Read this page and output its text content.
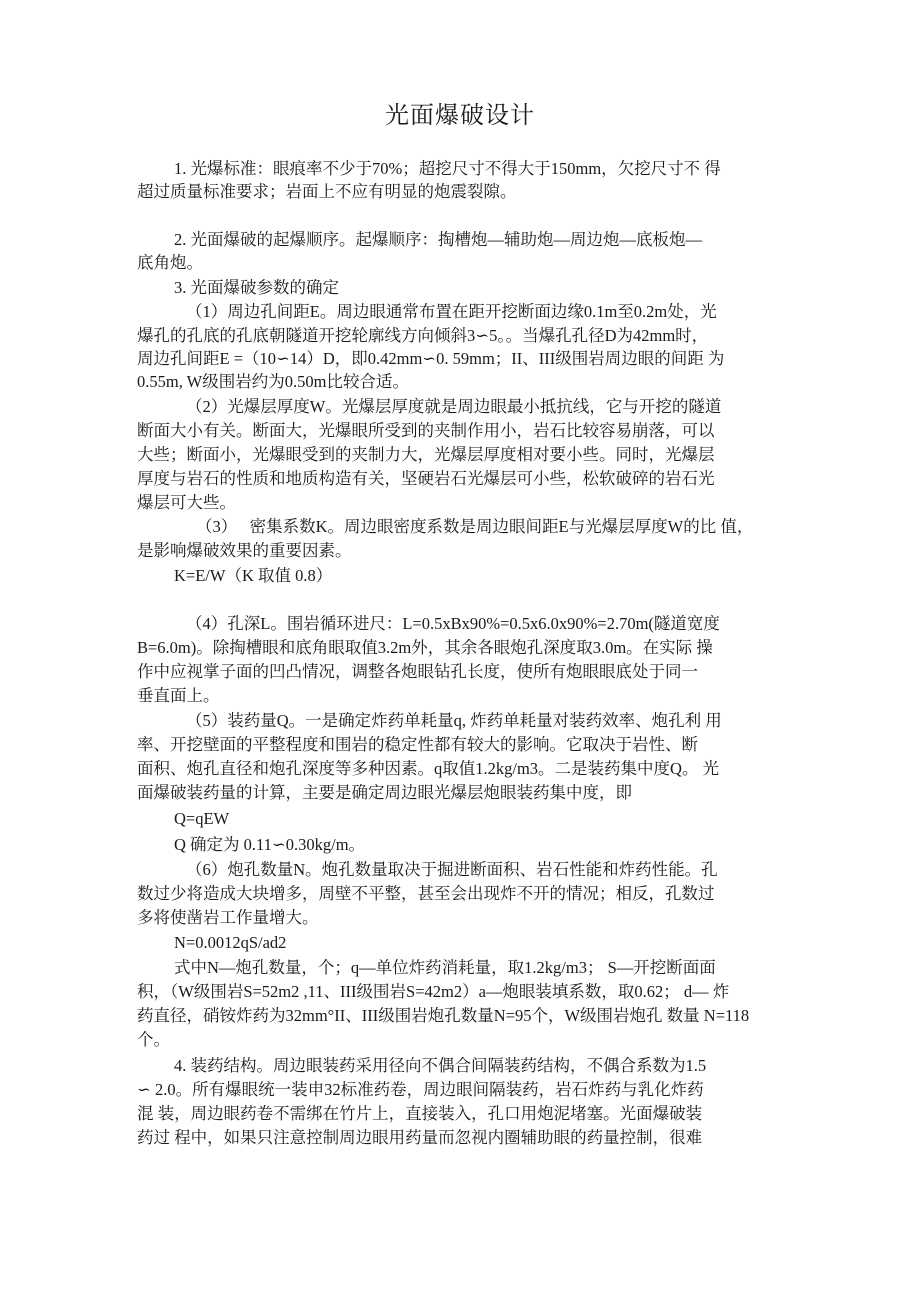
光面爆破设计
1. 光爆标准：眼痕率不少于70%；超挖尺寸不得大于150mm，欠挖尺寸不 得
超过质量标准要求；岩面上不应有明显的炮震裂隙。
2. 光面爆破的起爆顺序。起爆顺序：掏槽炮—辅助炮—周边炮—底板炮—
底角炮。
3. 光面爆破参数的确定
（1）周边孔间距E。周边眼通常布置在距开挖断面边缘0.1m至0.2m处，光
爆孔的孔底的孔底朝隧道开挖轮廓线方向倾斜3∽5。。当爆孔孔径D为42mm时，
周边孔间距E =（10∽14）D，即0.42mm∽0. 59mm；II、III级围岩周边眼的间距 为
0.55m, W级围岩约为0.50m比较合适。
（2）光爆层厚度W。光爆层厚度就是周边眼最小抵抗线，它与开挖的隧道
断面大小有关。断面大，光爆眼所受到的夹制作用小，岩石比较容易崩落，可以
大些；断面小，光爆眼受到的夹制力大，光爆层厚度相对要小些。同时，光爆层
厚度与岩石的性质和地质构造有关，坚硬岩石光爆层可小些，松软破碎的岩石光
爆层可大些。
（3）　 密集系数K。周边眼密度系数是周边眼间距E与光爆层厚度W的比 值，
是影响爆破效果的重要因素。
K=E/W（K 取值 0.8）
（4）孔深L。围岩循环进尺：L=0.5xBx90%=0.5x6.0x90%=2.70m(隧道宽度
B=6.0m)。除掏槽眼和底角眼取值3.2m外，其余各眼炮孔深度取3.0m。在实际 操
作中应视掌子面的凹凸情况，调整各炮眼钻孔长度，使所有炮眼眼底处于同一
垂直面上。
（5）装药量Q。一是确定炸药单耗量q, 炸药单耗量对装药效率、炮孔利 用
率、开挖壁面的平整程度和围岩的稳定性都有较大的影响。它取决于岩性、断
面积、炮孔直径和炮孔深度等多种因素。q取值1.2kg/m3。二是装药集中度Q。 光
面爆破装药量的计算，主要是确定周边眼光爆层炮眼装药集中度，即
Q=qEW
Q 确定为 0.11∽0.30kg/m。
（6）炮孔数量N。炮孔数量取决于掘进断面积、岩石性能和炸药性能。孔
数过少将造成大块增多，周壁不平整，甚至会出现炸不开的情况；相反，孔数过
多将使凿岩工作量增大。
N=0.0012qS/ad2
式中N—炮孔数量，个；q—单位炸药消耗量，取1.2kg/m3； S—开挖断面面
积，（W级围岩S=52m2 ,11、III级围岩S=42m2）a—炮眼装填系数，取0.62； d— 炸
药直径，硝铵炸药为32mm°II、III级围岩炮孔数量N=95个，W级围岩炮孔 数量 N=118
个。
4. 装药结构。周边眼装药采用径向不偶合间隔装药结构，不偶合系数为1.5
∽ 2.0。所有爆眼统一装申32标准药卷，周边眼间隔装药，岩石炸药与乳化炸药
混 装，周边眼药卷不需绑在竹片上，直接装入，孔口用炮泥堵塞。光面爆破装
药过 程中，如果只注意控制周边眼用药量而忽视内圈辅助眼的药量控制，很难
